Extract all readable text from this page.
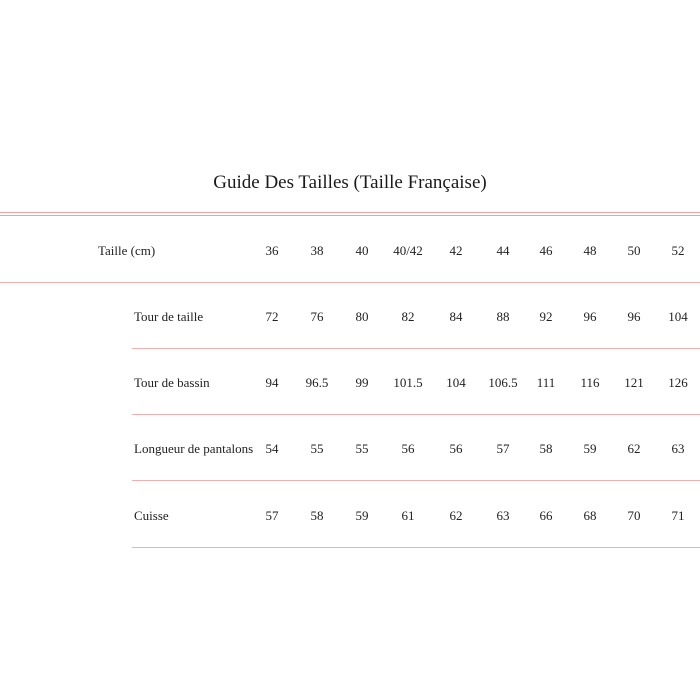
Guide Des Tailles (Taille Française)
Taille (cm)	36	38	40	40/42	42	44	46	48	50	52
Tour de taille	72	76	80	82	84	88	92	96	96	104
Tour de bassin	94	96.5	99	101.5	104	106.5	111	116	121	126
Longueur de pantalons 54	55	55	56	56	57	58	59	62	63
Cuisse	57	58	59	61	62	63	66	68	70	71
